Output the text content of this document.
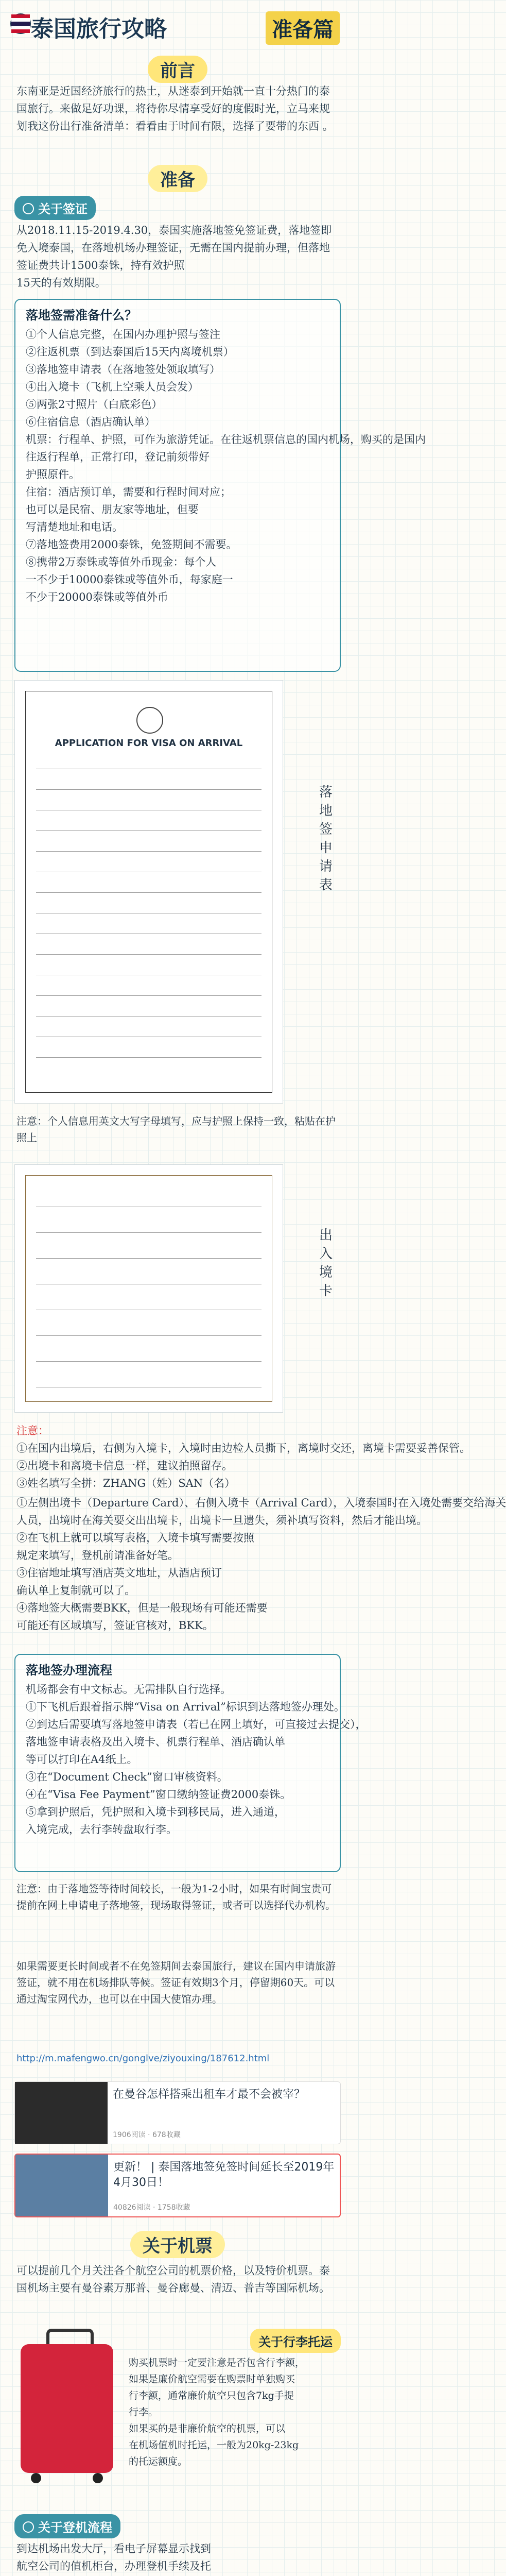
泰国旅行攻略	准备篇
前言
东南亚是近国经济旅行的热土，从迷泰到开始就一直十分热门的泰国旅行。来做足好功课，将待你尽情享受好的度假时光，立马来规划我这份出行准备清单：看看由于时间有限，选择了要带的东西 。
准备
关于签证
从2018.11.15-2019.4.30，泰国实施落地签免签证费，落地签即免入境泰国，在落地机场办理签证，无需在国内提前办理，但落地签证费共计1500泰铢，持有效护照
15天的有效期限。
落地签需准备什么？
①个人信息完整，在国内办理护照与签注
②往返机票（到达泰国后15天内离境机票）
③落地签申请表（在落地签处领取填写）
④出入境卡（飞机上空乘人员会发）
⑤两张2寸照片（白底彩色）
⑥住宿信息（酒店确认单）
机票：行程单、护照，可作为旅游凭证。在往返机票信息的国内机场，购买的是国内
往返行程单，正常打印，登记前须带好
护照原件。
住宿：酒店预订单，需要和行程时间对应；
也可以是民宿、朋友家等地址，但要
写清楚地址和电话。
⑦落地签费用2000泰铢，免签期间不需要。
⑧携带2万泰铢或等值外币现金：每个人
一不少于10000泰铢或等值外币，每家庭一
不少于20000泰铢或等值外币
APPLICATION FOR VISA ON ARRIVAL
落地签申请表
注意：个人信息用英文大写字母填写，应与护照上保持一致，粘贴在护照上
出入境卡
注意：
①在国内出境后，右侧为入境卡，入境时由边检人员撕下，离境时交还，离境卡需要妥善保管。
②出境卡和离境卡信息一样，建议拍照留存。
③姓名填写全拼：ZHANG（姓）SAN（名）
①左侧出境卡（Departure Card）、右侧入境卡（Arrival Card），入境泰国时在入境处需要交给海关
人员，出境时在海关要交出出境卡，出境卡一旦遗失，须补填写资料，然后才能出境。
②在飞机上就可以填写表格，入境卡填写需要按照
规定来填写，登机前请准备好笔。
③住宿地址填写酒店英文地址，从酒店预订
确认单上复制就可以了。
④落地签大概需要BKK，但是一般现场有可能还需要
可能还有区域填写，签证官核对，BKK。
落地签办理流程
机场都会有中文标志。无需排队自行选择。
①下飞机后跟着指示牌“Visa on Arrival”标识到达落地签办理处。
②到达后需要填写落地签申请表（若已在网上填好，可直接过去提交），
落地签申请表格及出入境卡、机票行程单、酒店确认单
等可以打印在A4纸上。
③在“Document Check”窗口审核资料。
④在“Visa Fee Payment”窗口缴纳签证费2000泰铢。
⑤拿到护照后，凭护照和入境卡到移民局，进入通道，
入境完成，去行李转盘取行李。
注意：由于落地签等待时间较长，一般为1-2小时，如果有时间宝贵可提前在网上申请电子落地签，现场取得签证，或者可以选择代办机构。
如果需要更长时间或者不在免签期间去泰国旅行，建议在国内申请旅游签证，就不用在机场排队等候。签证有效期3个月，停留期60天。可以通过淘宝网代办，也可以在中国大使馆办理。
http://m.mafengwo.cn/gonglve/ziyouxing/187612.html
在曼谷怎样搭乘出租车才最不会被宰？
1906阅读 · 678收藏
更新！ | 泰国落地签免签时间延长至2019年4月30日！
40826阅读 · 1758收藏
关于机票
可以提前几个月关注各个航空公司的机票价格，以及特价机票。泰国机场主要有曼谷素万那普、曼谷廊曼、清迈、普吉等国际机场。
关于行李托运
购买机票时一定要注意是否包含行李额，
如果是廉价航空需要在购票时单独购买
行李额，通常廉价航空只包含7kg手提
行李。
如果买的是非廉价航空的机票，可以
在机场值机时托运，一般为20kg-23kg
的托运额度。
关于登机流程
到达机场出发大厅，看电子屏幕显示找到
航空公司的值机柜台，办理登机手续及托
